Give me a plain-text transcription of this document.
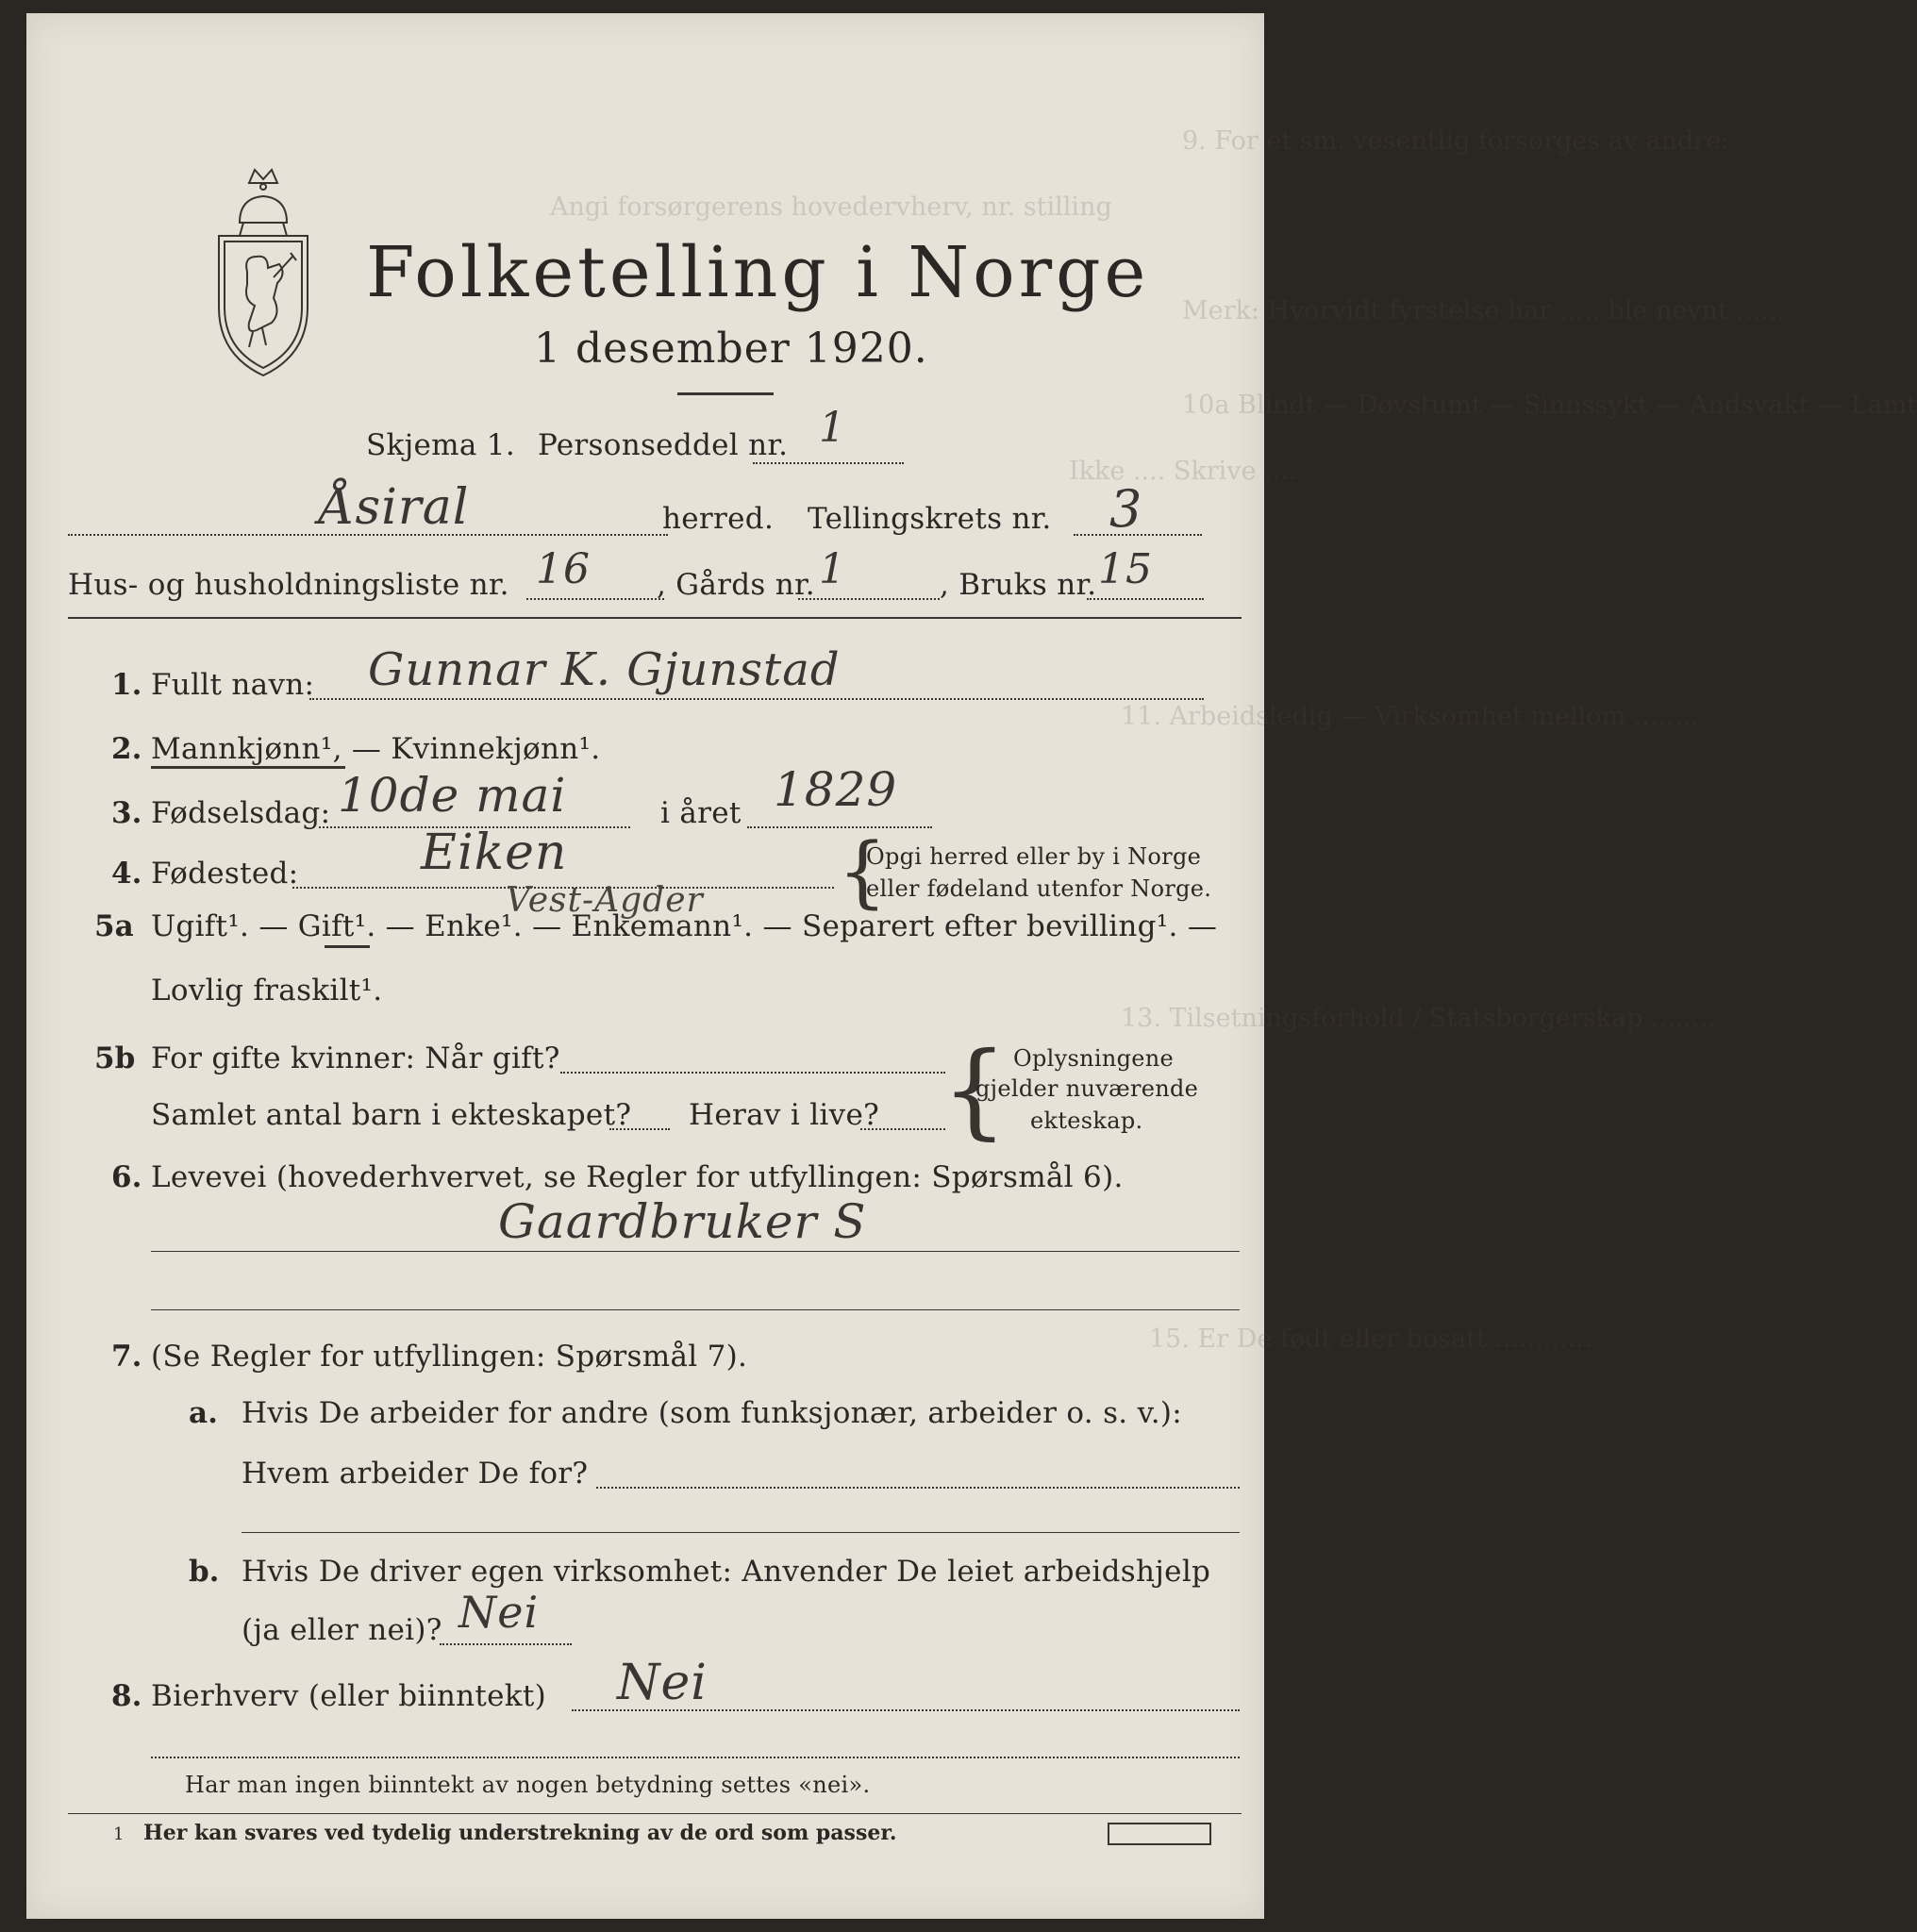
9. For et sm. vesentlig forsørges av andre:
Angi forsørgerens hovedervherv, nr. stilling
Merk: Hvorvidt fyrstelse har ..... ble nevnt ......
10a Blindt — Døvstumt — Sinnssykt — Andsvakt — Lamt
Ikke .... Skrive ....
11. Arbeidsledig — Virksomhet mellom ........
13. Tilsetningsforhold / Statsborgerskap ........
15. Er De født eller bosatt ............
Folketelling i Norge
1 desember 1920.
Skjema 1. Personseddel nr. 1
Åsiral	herred. Tellingskrets nr. 3
Hus- og husholdningsliste nr. 16 , Gårds nr. 1	, Bruks nr. 15
1. Fullt navn: Gunnar K. Gjunstad
2. Mannkjønn¹, — Kvinnekjønn¹.
3. Fødselsdag: 10de mai	i året 1829
4. Fødested: Eiken
Vest-Agder {
Opgi herred eller by i Norge
eller fødeland utenfor Norge.
5a Ugift¹. — Gift¹. — Enke¹. — Enkemann¹. — Separert efter bevilling¹. —
Lovlig fraskilt¹.
5b For gifte kvinner: Når gift?
Samlet antal barn i ekteskapet? Herav i live? { Oplysningene
gjelder nuværende
ekteskap.
6. Levevei (hovederhvervet, se Regler for utfyllingen: Spørsmål 6).
Gaardbruker S
7. (Se Regler for utfyllingen: Spørsmål 7).
a. Hvis De arbeider for andre (som funksjonær, arbeider o. s. v.):
Hvem arbeider De for?
b. Hvis De driver egen virksomhet: Anvender De leiet arbeidshjelp
(ja eller nei)? Nei
8. Bierhverv (eller biinntekt) Nei
Har man ingen biinntekt av nogen betydning settes «nei».
1 Her kan svares ved tydelig understrekning av de ord som passer.
